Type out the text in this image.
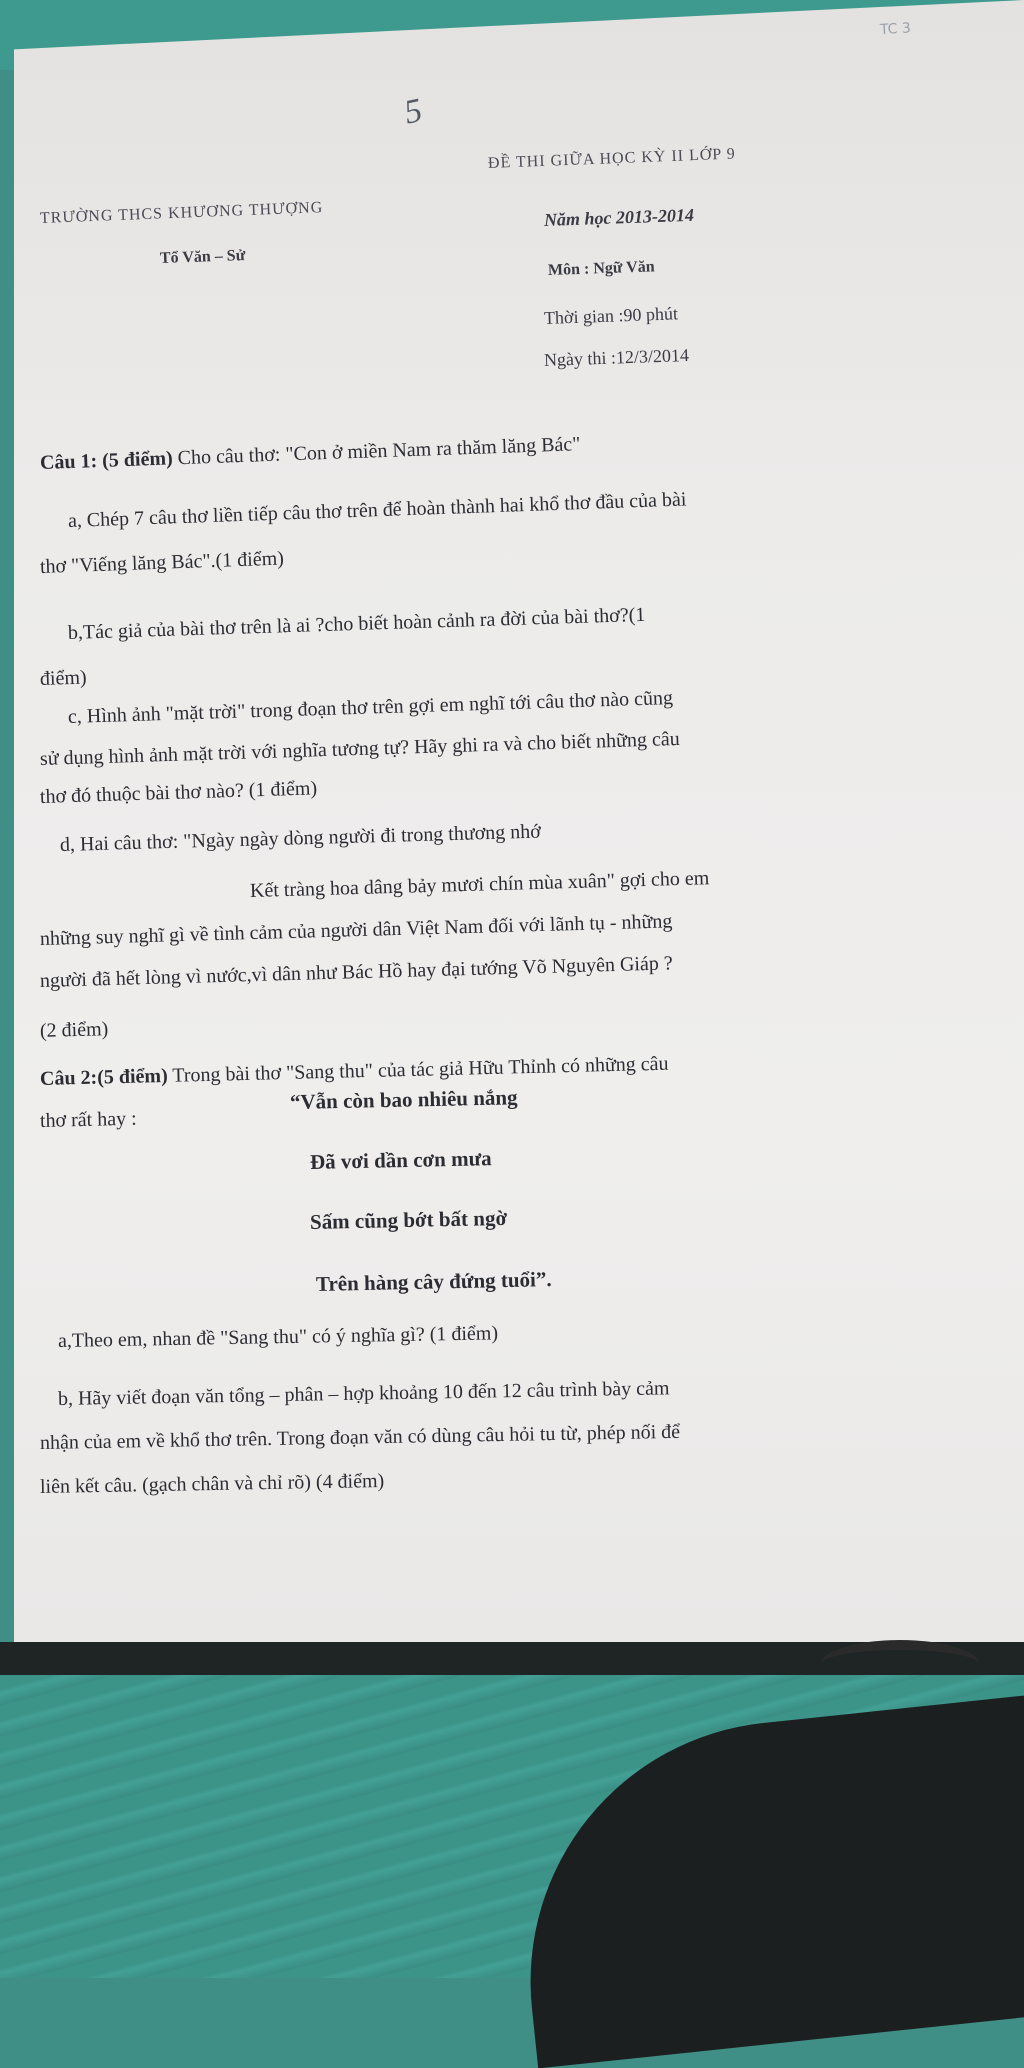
TC 3
5
TRƯỜNG THCS KHƯƠNG THƯỢNG
ĐỀ THI GIỮA HỌC KỲ II LỚP 9
Tổ Văn – Sử
Năm học 2013-2014
Môn : Ngữ Văn
Thời gian :90 phút
Ngày thi :12/3/2014
Câu 1: (5 điểm) Cho câu thơ: "Con ở miền Nam ra thăm lăng Bác"
a, Chép 7 câu thơ liền tiếp câu thơ trên để hoàn thành hai khổ thơ đầu của bài
thơ "Viếng lăng Bác".(1 điểm)
b,Tác giả của bài thơ trên là ai ?cho biết hoàn cảnh ra đời của bài thơ?(1
điểm)
c, Hình ảnh "mặt trời" trong đoạn thơ trên gợi em nghĩ tới câu thơ nào cũng
sử dụng hình ảnh mặt trời với nghĩa tương tự? Hãy ghi ra và cho biết những câu
thơ đó thuộc bài thơ nào? (1 điểm)
d, Hai câu thơ: "Ngày ngày dòng người đi trong thương nhớ
Kết tràng hoa dâng bảy mươi chín mùa xuân" gợi cho em
những suy nghĩ gì về tình cảm của người dân Việt Nam đối với lãnh tụ - những
người đã hết lòng vì nước,vì dân như Bác Hồ hay đại tướng Võ Nguyên Giáp ?
(2 điểm)
Câu 2:(5 điểm) Trong bài thơ "Sang thu" của tác giả Hữu Thỉnh có những câu
thơ rất hay :
“Vẫn còn bao nhiêu nắng
Đã vơi dần cơn mưa
Sấm cũng bớt bất ngờ
Trên hàng cây đứng tuổi”.
a,Theo em, nhan đề "Sang thu" có ý nghĩa gì? (1 điểm)
b, Hãy viết đoạn văn tổng – phân – hợp khoảng 10 đến 12 câu trình bày cảm
nhận của em về khổ thơ trên. Trong đoạn văn có dùng câu hỏi tu từ, phép nối để
liên kết câu. (gạch chân và chỉ rõ) (4 điểm)
